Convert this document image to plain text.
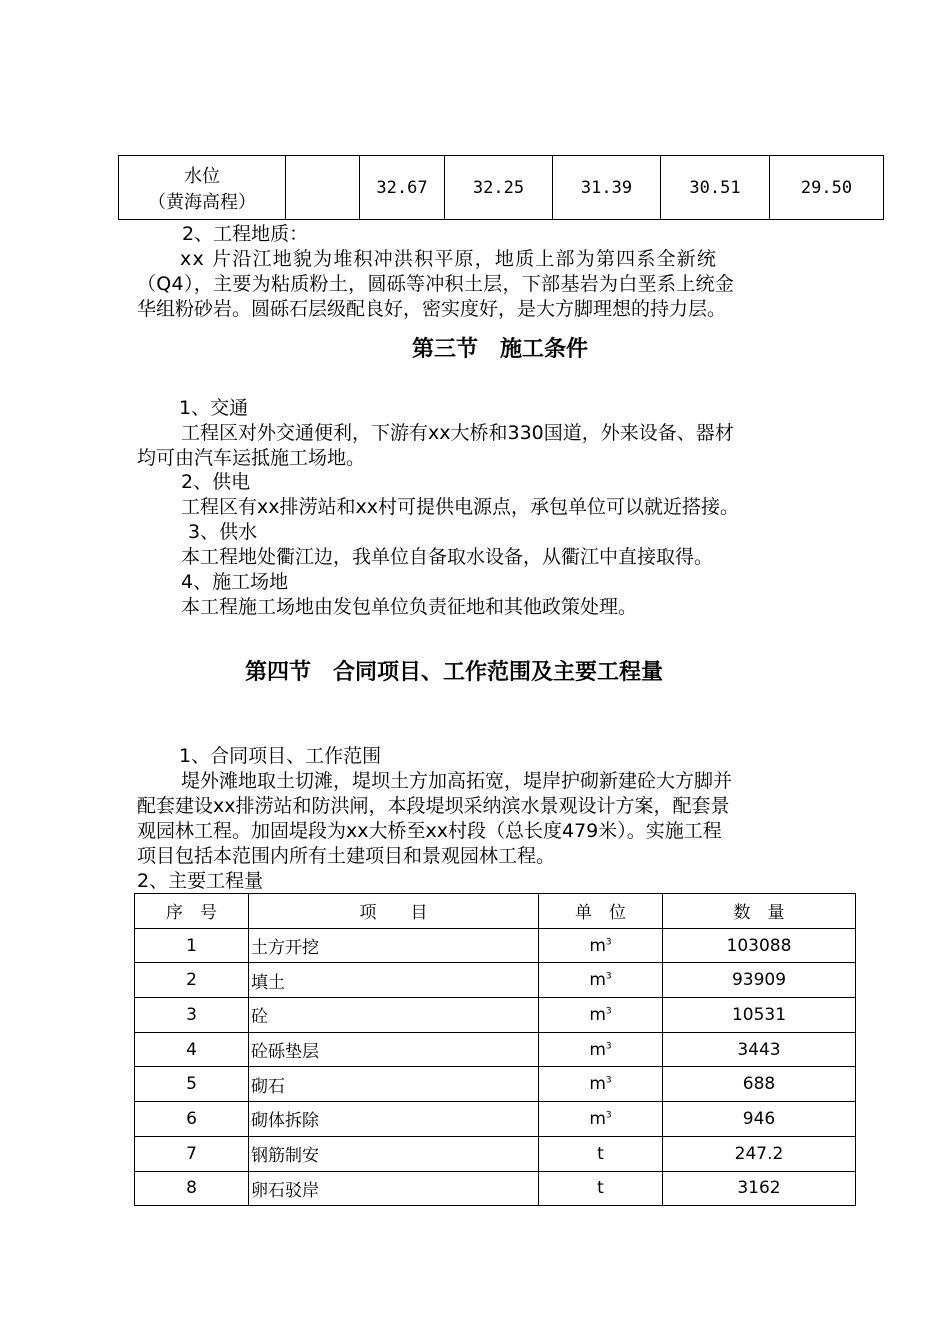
水位
（黄海高程）
		32.67	32.25	31.39	30.51	29.50
2、工程地质：
xx 片沿江地貌为堆积冲洪积平原，地质上部为第四系全新统
（Q4），主要为粘质粉土，圆砾等冲积土层，下部基岩为白垩系上统金
华组粉砂岩。圆砾石层级配良好，密实度好，是大方脚理想的持力层。
第三节　施工条件
1、交通
工程区对外交通便利，下游有xx大桥和330国道，外来设备、器材
均可由汽车运抵施工场地。
2、供电
工程区有xx排涝站和xx村可提供电源点，承包单位可以就近搭接。
3、供水
本工程地处衢江边，我单位自备取水设备，从衢江中直接取得。
4、施工场地
本工程施工场地由发包单位负责征地和其他政策处理。
第四节　合同项目、工作范围及主要工程量
1、合同项目、工作范围
堤外滩地取土切滩，堤坝土方加高拓宽，堤岸护砌新建砼大方脚并
配套建设xx排涝站和防洪闸，本段堤坝采纳滨水景观设计方案，配套景
观园林工程。加固堤段为xx大桥至xx村段（总长度479米）。实施工程
项目包括本范围内所有土建项目和景观园林工程。
2、主要工程量
序　号	项　　目	单　位	数　量
1	土方开挖	$m^3$	103088
2	填土	$m^3$	93909
3	砼	$m^3$	10531
4	砼砾垫层	$m^3$	3443
5	砌石	$m^3$	688
6	砌体拆除	$m^3$	946
7	钢筋制安	t	247.2
8	卵石驳岸	t	3162
